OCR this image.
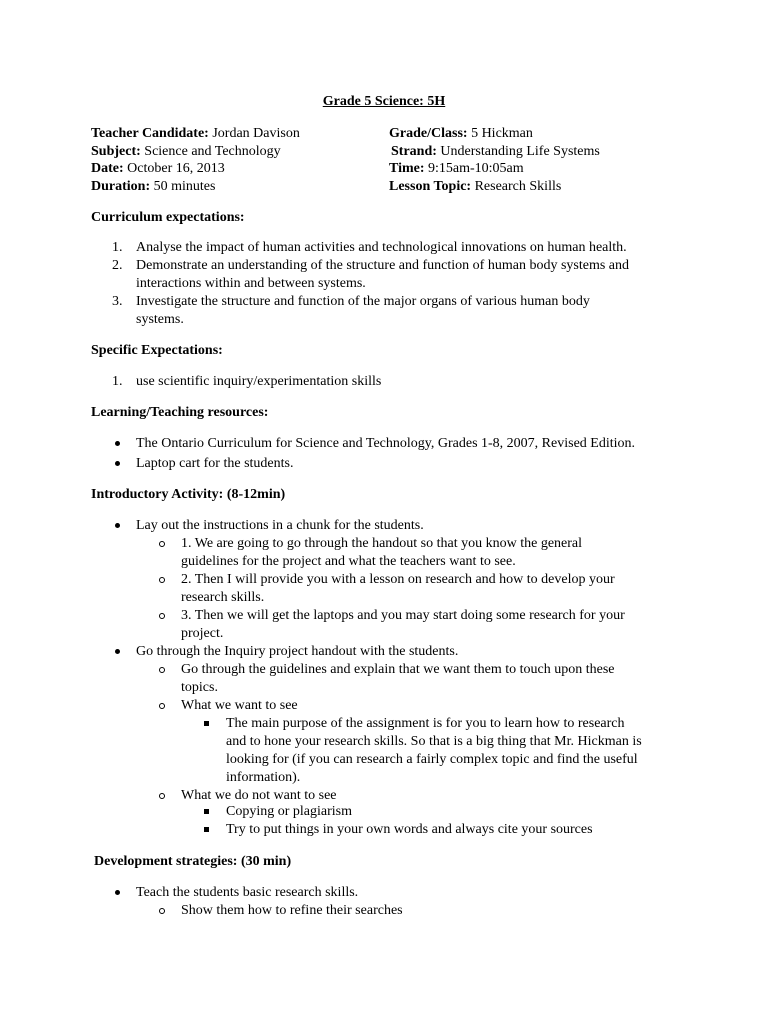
Grade 5 Science: 5H
Teacher Candidate: Jordan Davison
Subject: Science and Technology
Date: October 16, 2013
Duration: 50 minutes
Grade/Class: 5 Hickman
Strand: Understanding Life Systems
Time: 9:15am-10:05am
Lesson Topic: Research Skills
Curriculum expectations:
1. Analyse the impact of human activities and technological innovations on human health.
2. Demonstrate an understanding of the structure and function of human body systems and
interactions within and between systems.
3. Investigate the structure and function of the major organs of various human body
systems.
Specific Expectations:
1. use scientific inquiry/experimentation skills
Learning/Teaching resources:
The Ontario Curriculum for Science and Technology, Grades 1-8, 2007, Revised Edition.
Laptop cart for the students.
Introductory Activity: (8-12min)
Lay out the instructions in a chunk for the students.
1. We are going to go through the handout so that you know the general
guidelines for the project and what the teachers want to see.
2. Then I will provide you with a lesson on research and how to develop your
research skills.
3. Then we will get the laptops and you may start doing some research for your
project.
Go through the Inquiry project handout with the students.
Go through the guidelines and explain that we want them to touch upon these
topics.
What we want to see
The main purpose of the assignment is for you to learn how to research
and to hone your research skills. So that is a big thing that Mr. Hickman is
looking for (if you can research a fairly complex topic and find the useful
information).
What we do not want to see
Copying or plagiarism
Try to put things in your own words and always cite your sources
Development strategies: (30 min)
Teach the students basic research skills.
Show them how to refine their searches
